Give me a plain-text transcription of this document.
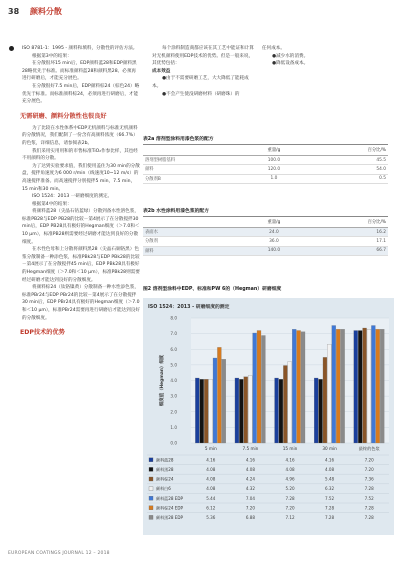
38 颜料分散

ISO 8781-1：1995 - 颜料和填料，分散性的评估方法。

根据第3中的结果：

在分散很坏15 min后，EDP颜料蓝28和EDP颜料黑28略优先于标准。而标准颜料蓝28和颜料黑28、必须再进行研磨后，才能充分展色。

在分散很好7.5 min后，EDP颜料棕24（棕色24）略优先于标准。而标准颜料棕24，必须再进行研磨后，才能充分展色。

无需研磨、颜料分散性也很良好

为了比较在水性体系中EDP无机颜料与标准无机颜料的分散情况，我们配制了一份含有高颜料浓度（66.7%）的色浆，详细信息，请参阅表2b。

我们采用实用用和的市售标准TiO₂作参比样，其也经不用颜料的分散。

为了达到实验要求值，我们使用盖住为30 min的分散盘，搅拌角速度为6 000 r/min（线速度10~12 m/s）的高速搅拌准备。而高速搅拌分别搅拌5 min，7.5 min，15 min和30 min。

ISO 1524：2013 一研磨细度的测定。

根据第4中的结果：

将颜料蓝28（尖晶石钴蓝绿）分散到备水性溶色浆，标准PB28与EDP PB28的比较－第4展示了在分散搅拌30 min后，EDP PB28具有极好的Hegman细度（＞7.0和＜10 μm），标准PB28则需要经过研磨才能达到良好的分散细度。

在水性色母和上分散将颜料黑28（尖晶石铜铬黑）色浆分散制备一种添色浆，标准PBk28与EDP PBk28的比较－第4展示了在分散搅拌45 min后，EDP PBk28具有极好的Hegman细度（＞7.0和＜10 μm），标准PBk28则需要经过研磨才能达到良好的分散细度。

将颜料棕24（钛铬镍黄）分散制备一种水性添色浆，标准PBr24与EDP PBr24的比较－第4展示了在分散搅拌30 min后，EDP PBr24具有极好的Hegman细度（＞7.0和＜10 μm），标准PBr24需要再进行研磨后才能达到良好的分散细度。

EDP技术的优势

每个涂料制造商都应该在其工艺中能证和计算对无机颜料使用EDP技术的优势。但是一般来说，其优势包括：

成本效益

●由于不需要研磨工艺，大大降低了能耗成本。

●不会产生使没研磨材料（研磨珠）的

任何成本。

●减少水的消费。

●降低设备成本。

表2a 溶剂型涂料用漆色浆的配方
重量/g	百分比/%
溶剂型树脂基料	100.0	45.5
颜料	120.0	54.0
分散剂B	1.0	0.5
表2b 水性涂料用漆色浆的配方
重量/g	百分比/%
表面水	24.0	16.2
分散剂	36.0	17.1
颜料	140.0	66.7
图2 溶剂型涂料中EDP、标准和PW 6的（Hegman）研磨细度
ISO 1524：2013 - 研磨细度的测定
0.0
1.0
2.0
3.0
4.0
5.0
6.0
7.0
8.0
细度值（Hegman）细度
5 min	7.5 min	15 min	30 min	最终的色浆
颜料蓝28	4.16	4.16	4.16	4.16	7.20
颜料黑28	4.08	4.08	4.08	4.08	7.20
颜料棕24	4.08	4.24	4.96	5.48	7.36
颜料白6	4.08	4.32	5.20	6.32	7.28
颜料蓝28 EDP	5.44	7.04	7.28	7.52	7.52
颜料棕24 EDP	6.12	7.20	7.20	7.28	7.28
颜料黑28 EDP	5.36	6.88	7.12	7.28	7.28
EUROPEAN COATINGS JOURNAL 12 – 2018
